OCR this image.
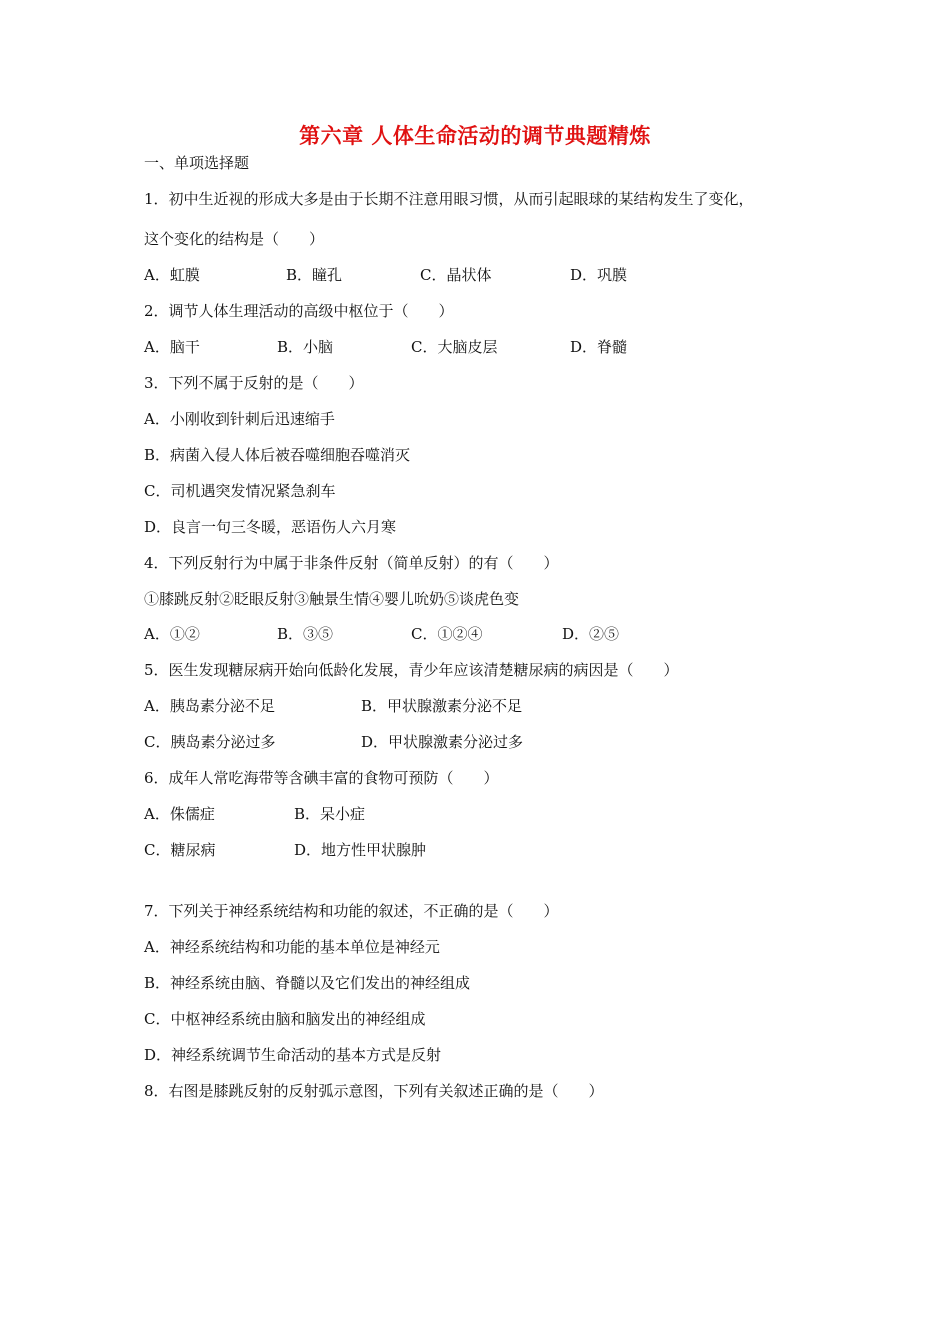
第六章 人体生命活动的调节典题精炼
一、单项选择题
1．初中生近视的形成大多是由于长期不注意用眼习惯，从而引起眼球的某结构发生了变化，
这个变化的结构是（　　）
A．虹膜	B．瞳孔	C．晶状体	D．巩膜
2．调节人体生理活动的高级中枢位于（　　）
A．脑干	B．小脑	C．大脑皮层	D．脊髓
3．下列不属于反射的是（　　）
A．小刚收到针刺后迅速缩手
B．病菌入侵人体后被吞噬细胞吞噬消灭
C．司机遇突发情况紧急刹车
D．良言一句三冬暖，恶语伤人六月寒
4．下列反射行为中属于非条件反射（简单反射）的有（　　）
①膝跳反射②眨眼反射③触景生情④婴儿吮奶⑤谈虎色变
A．①②	B．③⑤	C．①②④	D．②⑤
5．医生发现糖尿病开始向低龄化发展，青少年应该清楚糖尿病的病因是（　　）
A．胰岛素分泌不足	B．甲状腺激素分泌不足
C．胰岛素分泌过多	D．甲状腺激素分泌过多
6．成年人常吃海带等含碘丰富的食物可预防（　　）
A．侏儒症	B．呆小症
C．糖尿病	D．地方性甲状腺肿
7．下列关于神经系统结构和功能的叙述，不正确的是（　　）
A．神经系统结构和功能的基本单位是神经元
B．神经系统由脑、脊髓以及它们发出的神经组成
C．中枢神经系统由脑和脑发出的神经组成
D．神经系统调节生命活动的基本方式是反射
8．右图是膝跳反射的反射弧示意图，下列有关叙述正确的是（　　）
